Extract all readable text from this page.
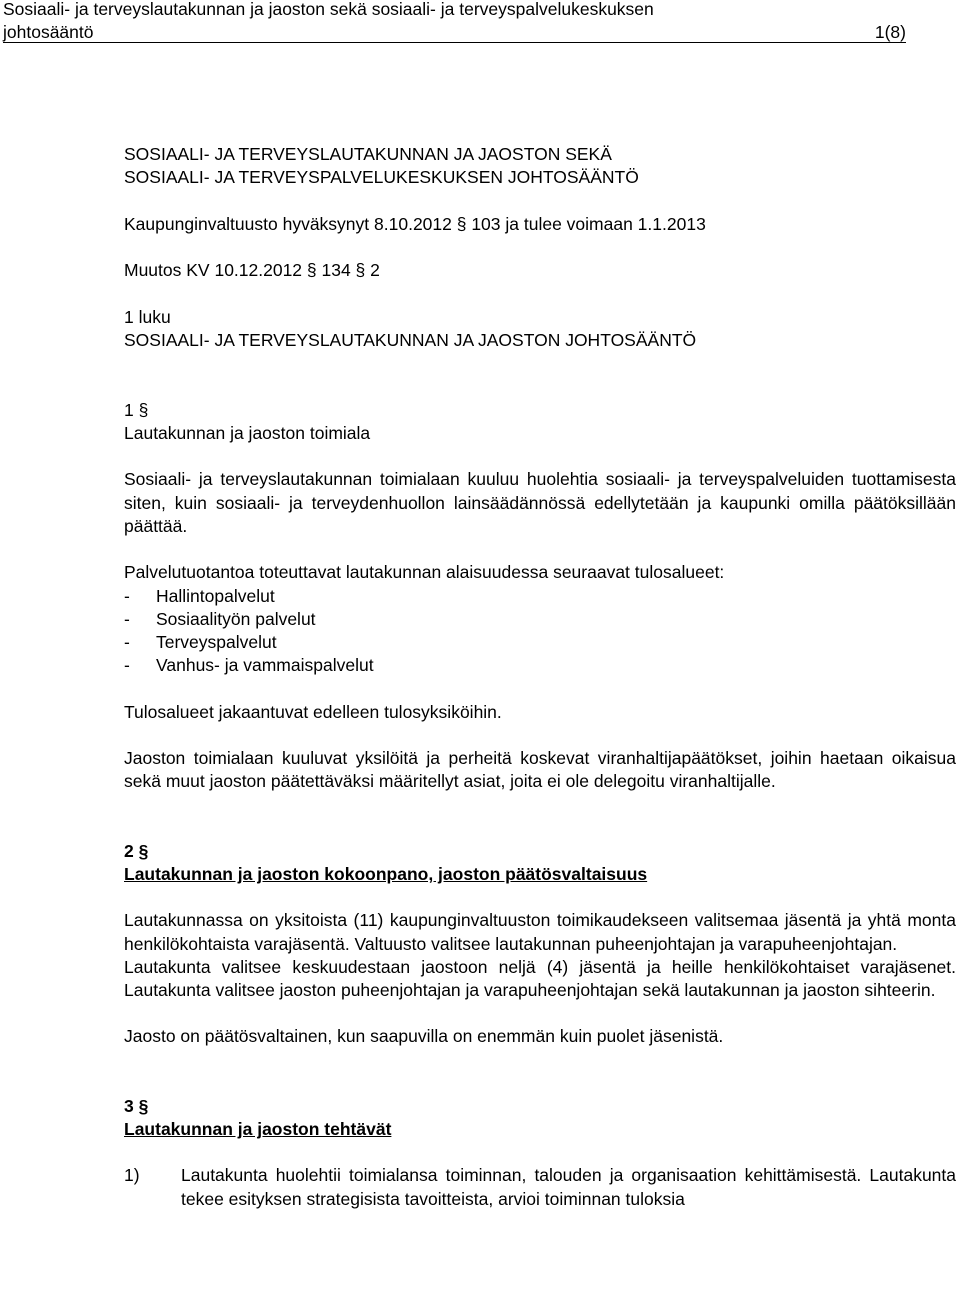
Sosiaali- ja terveyslautakunnan ja jaoston sekä sosiaali- ja terveyspalvelukeskuksen
johtosääntö	1(8)

SOSIAALI- JA TERVEYSLAUTAKUNNAN JA JAOSTON SEKÄ

SOSIAALI- JA TERVEYSPALVELUKESKUKSEN JOHTOSÄÄNTÖ

Kaupunginvaltuusto hyväksynyt 8.10.2012 § 103 ja tulee voimaan 1.1.2013

Muutos KV 10.12.2012 § 134 § 2

1 luku

SOSIAALI- JA TERVEYSLAUTAKUNNAN JA JAOSTON JOHTOSÄÄNTÖ

1 §

Lautakunnan ja jaoston toimiala

Sosiaali- ja terveyslautakunnan toimialaan kuuluu huolehtia sosiaali- ja terveyspalveluiden tuottamisesta siten, kuin sosiaali- ja terveydenhuollon lainsäädännössä edellytetään ja kaupunki omilla päätöksillään päättää.

Palvelutuotantoa toteuttavat lautakunnan alaisuudessa seuraavat tulosalueet:

- Hallintopalvelut
- Sosiaalityön palvelut
- Terveyspalvelut
- Vanhus- ja vammaispalvelut

Tulosalueet jakaantuvat edelleen tulosyksiköihin.

Jaoston toimialaan kuuluvat yksilöitä ja perheitä koskevat viranhaltijapäätökset, joihin haetaan oikaisua sekä muut jaoston päätettäväksi määritellyt asiat, joita ei ole delegoitu viranhaltijalle.

2 §

Lautakunnan ja jaoston kokoonpano, jaoston päätösvaltaisuus

Lautakunnassa on yksitoista (11) kaupunginvaltuuston toimikaudekseen valitsemaa jäsentä ja yhtä monta henkilökohtaista varajäsentä. Valtuusto valitsee lautakunnan puheenjohtajan ja varapuheenjohtajan.

Lautakunta valitsee keskuudestaan jaostoon neljä (4) jäsentä ja heille henkilökohtaiset varajäsenet. Lautakunta valitsee jaoston puheenjohtajan ja varapuheenjohtajan sekä lautakunnan ja jaoston sihteerin.

Jaosto on päätösvaltainen, kun saapuvilla on enemmän kuin puolet jäsenistä.

3 §

Lautakunnan ja jaoston tehtävät

1)	Lautakunta huolehtii toimialansa toiminnan, talouden ja organisaation kehittämisestä. Lautakunta tekee esityksen strategisista tavoitteista, arvioi toiminnan tuloksia
